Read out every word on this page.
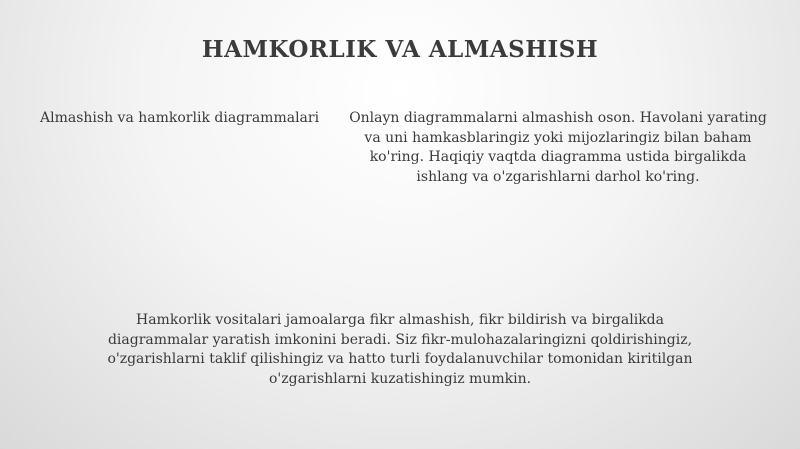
HAMKORLIK VA ALMASHISH
Almashish va hamkorlik diagrammalari	Onlayn diagrammalarni almashish oson. Havolani yarating va uni hamkasblaringiz yoki mijozlaringiz bilan baham ko'ring. Haqiqiy vaqtda diagramma ustida birgalikda ishlang va o'zgarishlarni darhol ko'ring.
Hamkorlik vositalari jamoalarga fikr almashish, fikr bildirish va birgalikda diagrammalar yaratish imkonini beradi. Siz fikr-mulohazalaringizni qoldirishingiz, o'zgarishlarni taklif qilishingiz va hatto turli foydalanuvchilar tomonidan kiritilgan o'zgarishlarni kuzatishingiz mumkin.
